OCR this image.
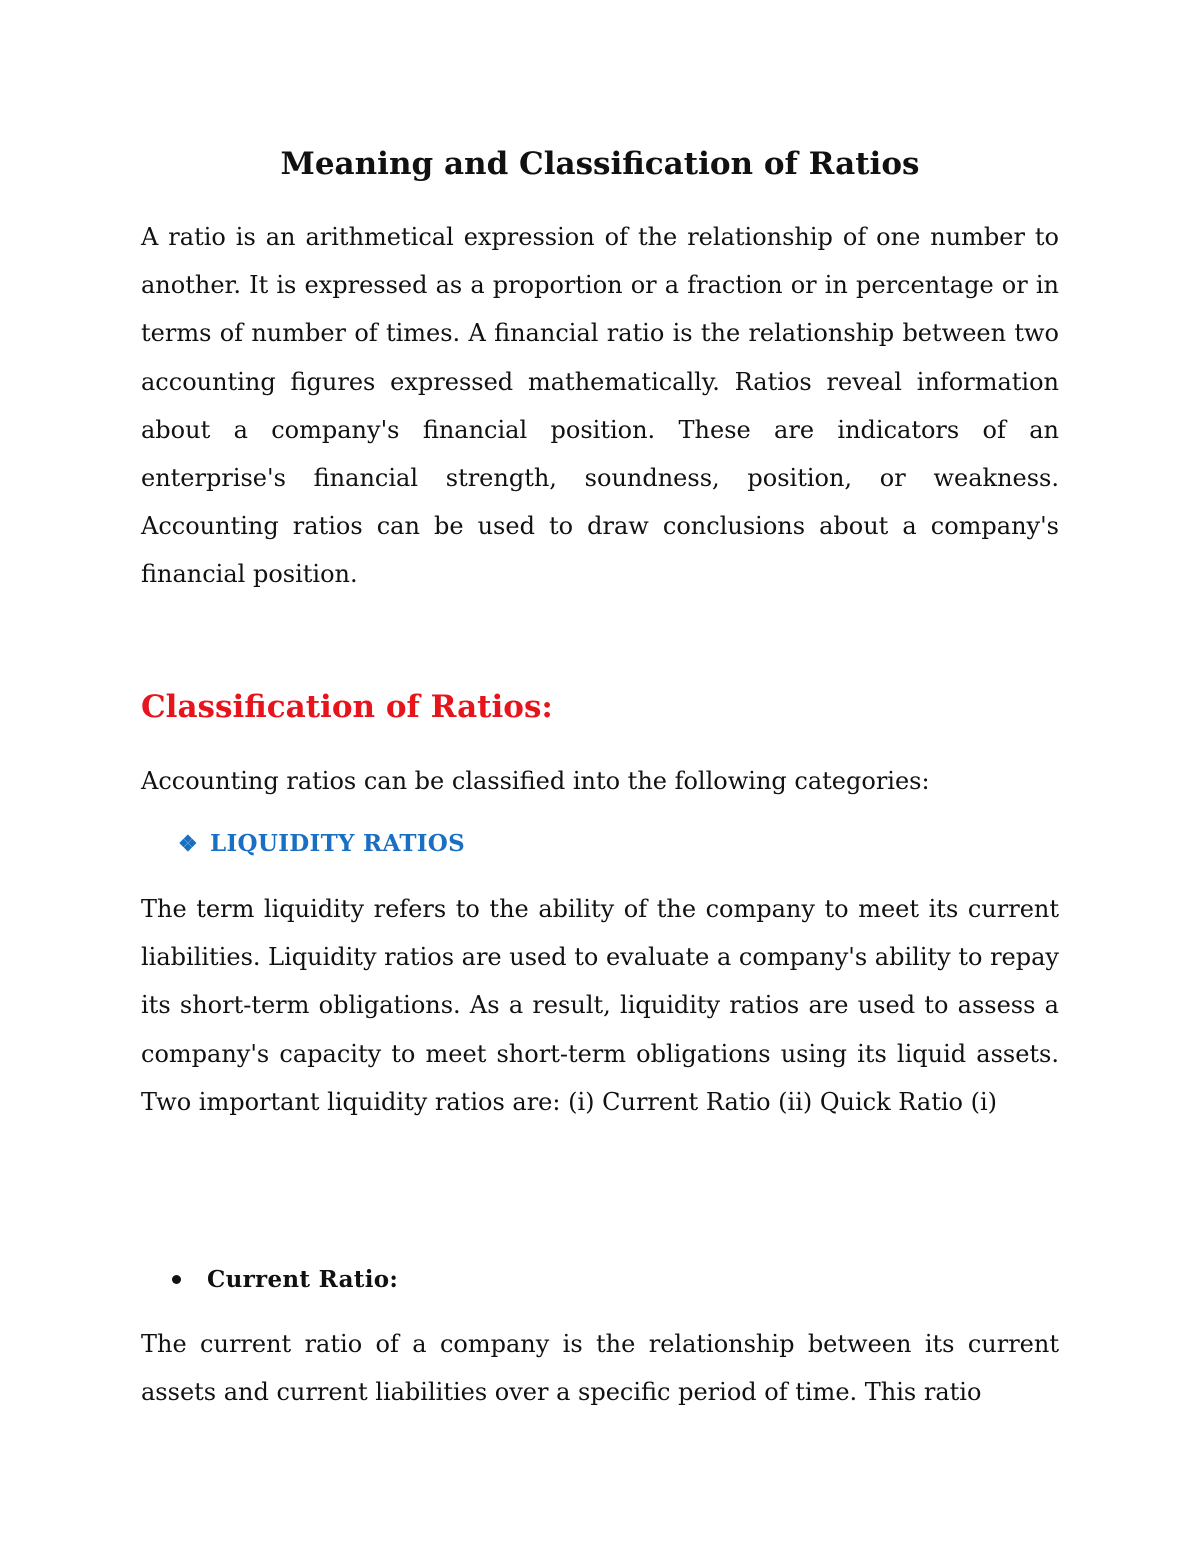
Meaning and Classification of Ratios

A ratio is an arithmetical expression of the relationship of one number to another. It is expressed as a proportion or a fraction or in percentage or in terms of number of times. A financial ratio is the relationship between two accounting figures expressed mathematically. Ratios reveal information about a company's financial position. These are indicators of an enterprise's financial strength, soundness, position, or weakness. Accounting ratios can be used to draw conclusions about a company's financial position.

Classification of Ratios:

Accounting ratios can be classified into the following categories:

❖ LIQUIDITY RATIOS

The term liquidity refers to the ability of the company to meet its current liabilities. Liquidity ratios are used to evaluate a company's ability to repay its short-term obligations. As a result, liquidity ratios are used to assess a company's capacity to meet short-term obligations using its liquid assets. Two important liquidity ratios are: (i) Current Ratio (ii) Quick Ratio (i)

Current Ratio:

The current ratio of a company is the relationship between its current assets and current liabilities over a specific period of time. This ratio
